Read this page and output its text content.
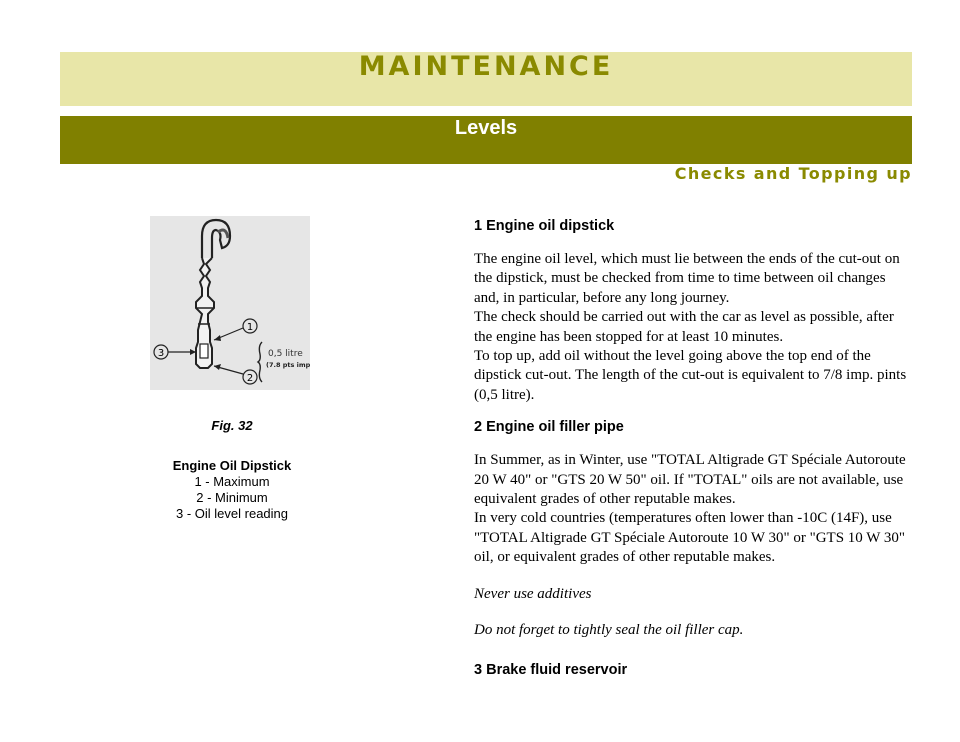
MAINTENANCE
Levels
Checks and Topping up
1
2
3	0,5 litre
(7.8 pts imp)
Fig. 32
Engine Oil Dipstick
1 - Maximum
2 - Minimum
3 - Oil level reading
1 Engine oil dipstick

The engine oil level, which must lie between the ends of the cut-out on the dipstick, must be checked from time to time between oil changes and, in particular, before any long journey.

The check should be carried out with the car as level as possible, after the engine has been stopped for at least 10 minutes.

To top up, add oil without the level going above the top end of the dipstick cut-out. The length of the cut-out is equivalent to 7/8 imp. pints (0,5 litre).

2 Engine oil filler pipe

In Summer, as in Winter, use "TOTAL Altigrade GT Spéciale Autoroute 20 W 40" or "GTS 20 W 50" oil. If "TOTAL" oils are not available, use equivalent grades of other reputable makes.

In very cold countries (temperatures often lower than -10C (14F), use "TOTAL Altigrade GT Spéciale Autoroute 10 W 30" or "GTS 10 W 30" oil, or equivalent grades of other reputable makes.

Never use additives

Do not forget to tightly seal the oil filler cap.

3 Brake fluid reservoir
